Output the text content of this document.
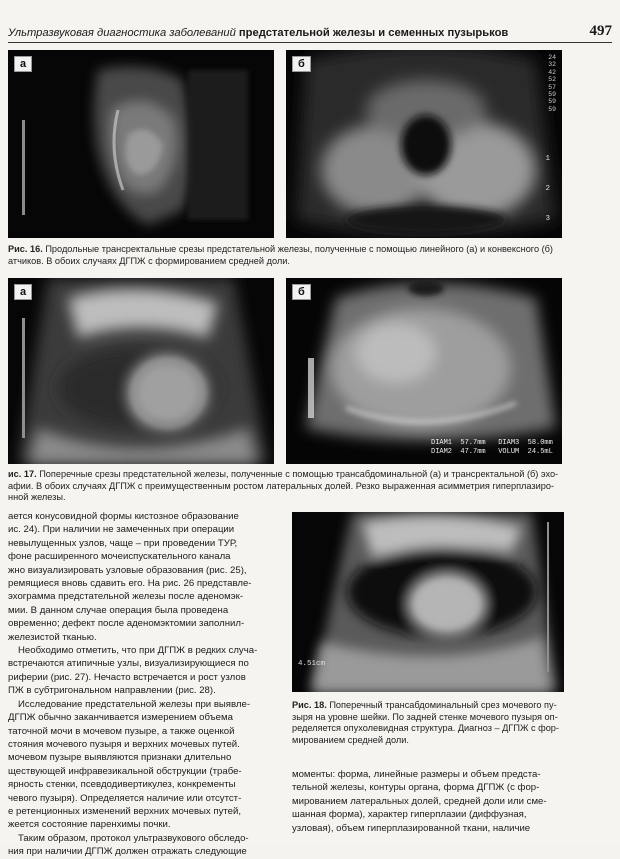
Ультразвуковая диагностика заболеваний предстательной железы и семенных пузырьков	497
а	б
24
32
42
52
57
59
59
59
1
2
3
Рис. 16. Продольные трансректальные срезы предстательной железы, полученные с помощью линейного (а) и конвексного (б)
атчиков. В обоих случаях ДГПЖ с формированием средней доли.
а	б
DIAM1  57.7mm DIAM3  58.0mm
DIAM2  47.7mm VOLUM  24.5mL
ис. 17. Поперечные срезы предстательной железы, полученные с помощью трансабдоминальной (а) и трансректальной (б) эхо-
афии. В обоих случаях ДГПЖ с преимущественным ростом латеральных долей. Резко выраженная асимметрия гиперплазиро-
нной железы.

ается конусовидной формы кистозное образование

ис. 24). При наличии не замеченных при операции

невылущенных узлов, чаще – при проведении ТУР,

фоне расширенного мочеиспускательного канала

жно визуализировать узловые образования (рис. 25),

ремящиеся вновь сдавить его. На рис. 26 представле-

эхограмма предстательной железы после аденомэк-

мии. В данном случае операция была проведена

овременно; дефект после аденомэктомии заполнил-

железистой тканью.

Необходимо отметить, что при ДГПЖ в редких случа-

встречаются атипичные узлы, визуализирующиеся по

риферии (рис. 27). Нечасто встречается и рост узлов

ПЖ в субтригональном направлении (рис. 28).

Исследование предстательной железы при выявле-

ДГПЖ обычно заканчивается измерением объема

таточной мочи в мочевом пузыре, а также оценкой

стояния мочевого пузыря и верхних мочевых путей.

мочевом пузыре выявляются признаки длительно

ществующей инфравезикальной обструкции (трабе-

ярность стенки, псевдодивертикулез, конкременты

чевого пузыря). Определяется наличие или отсутст-

е ретенционных изменений верхних мочевых путей,

жеется состояние паренхимы почки.

Таким образом, протокол ультразвукового обследо-

ния при наличии ДГПЖ должен отражать следующие

4.51cm
Рис. 18. Поперечный трансабдоминальный срез мочевого пу-
зыря на уровне шейки. По задней стенке мочевого пузыря оп-
ределяется опухолевидная структура. Диагноз – ДГПЖ с фор-
мированием средней доли.

моменты: форма, линейные размеры и объем предста-

тельной железы, контуры органа, форма ДГПЖ (с фор-

мированием латеральных долей, средней доли или сме-

шанная форма), характер гиперплазии (диффузная,

узловая), объем гиперплазированной ткани, наличие
